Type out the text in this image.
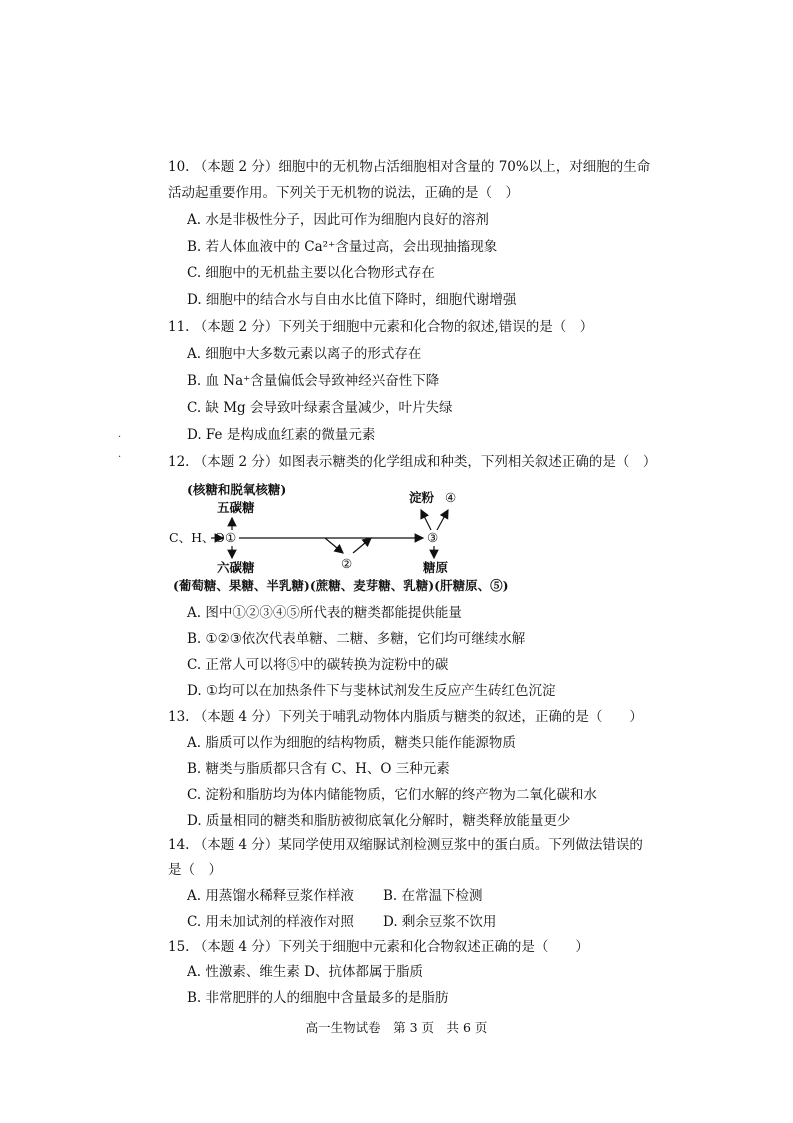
10. （本题 2 分）细胞中的无机物占活细胞相对含量的 70%以上，对细胞的生命
活动起重要作用。下列关于无机物的说法，正确的是（　）
A. 水是非极性分子，因此可作为细胞内良好的溶剂
B. 若人体血液中的 Ca²⁺含量过高，会出现抽搐现象
C. 细胞中的无机盐主要以化合物形式存在
D. 细胞中的结合水与自由水比值下降时，细胞代谢增强
11. （本题 2 分）下列关于细胞中元素和化合物的叙述,错误的是（　）
A. 细胞中大多数元素以离子的形式存在
B. 血 Na⁺含量偏低会导致神经兴奋性下降
C. 缺 Mg 会导致叶绿素含量减少，叶片失绿
D. Fe 是构成血红素的微量元素
·
·	12. （本题 2 分）如图表示糖类的化学组成和种类，下列相关叙述正确的是（　）
(核糖和脱氧核糖)
五碳糖
C、H、O ①
②
③
淀粉 ④
六碳糖	糖原
(葡萄糖、果糖、半乳糖)(蔗糖、麦芽糖、乳糖)(肝糖原、⑤)
A. 图中①②③④⑤所代表的糖类都能提供能量
B. ①②③依次代表单糖、二糖、多糖，它们均可继续水解
C. 正常人可以将⑤中的碳转换为淀粉中的碳
D. ①均可以在加热条件下与斐林试剂发生反应产生砖红色沉淀
13. （本题 4 分）下列关于哺乳动物体内脂质与糖类的叙述，正确的是（　　）
A. 脂质可以作为细胞的结构物质，糖类只能作能源物质
B. 糖类与脂质都只含有 C、H、O 三种元素
C. 淀粉和脂肪均为体内储能物质，它们水解的终产物为二氧化碳和水
D. 质量相同的糖类和脂肪被彻底氧化分解时，糖类释放能量更少
14. （本题 4 分）某同学使用双缩脲试剂检测豆浆中的蛋白质。下列做法错误的
是（　）
A. 用蒸馏水稀释豆浆作样液 B. 在常温下检测
C. 用未加试剂的样液作对照 D. 剩余豆浆不饮用
15. （本题 4 分）下列关于细胞中元素和化合物叙述正确的是（　　）
A. 性激素、维生素 D、抗体都属于脂质
B. 非常肥胖的人的细胞中含量最多的是脂肪
高一生物试卷　第 3 页　共 6 页
